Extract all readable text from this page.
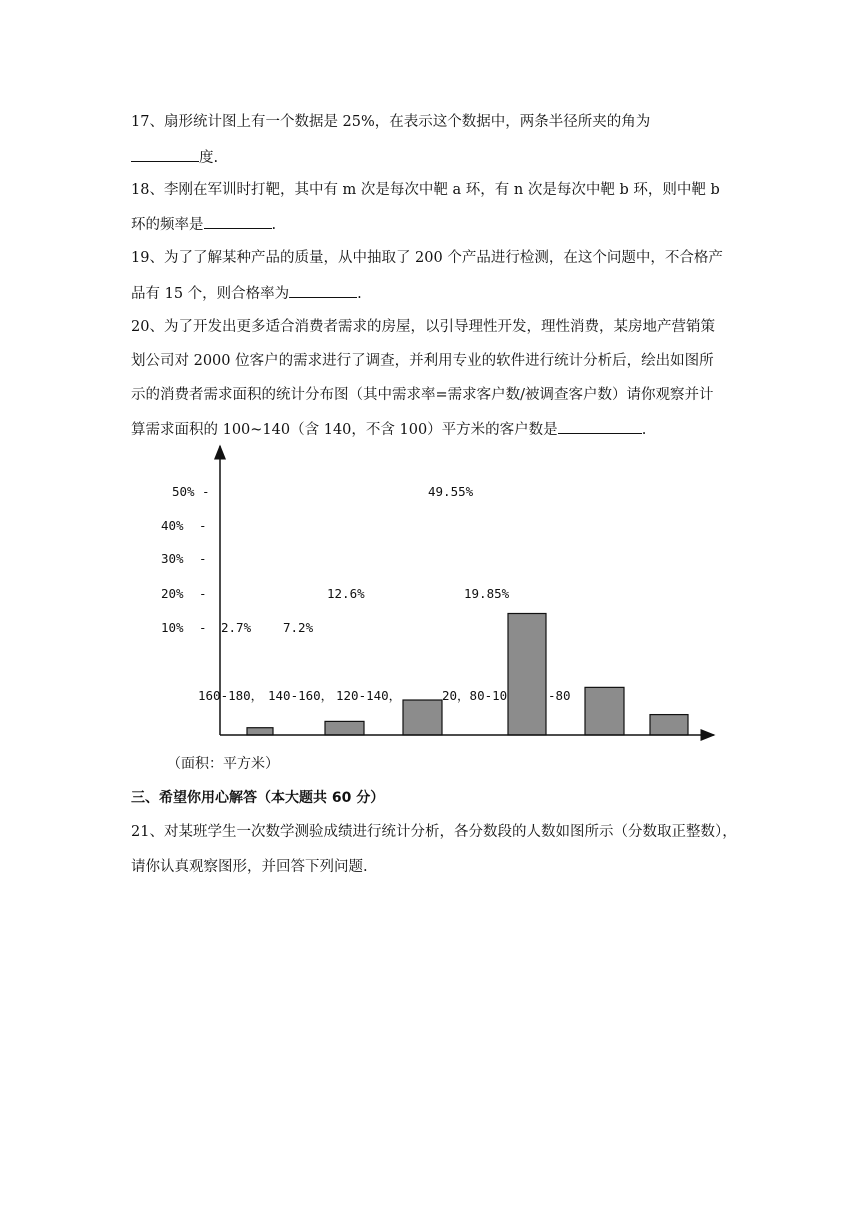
17、扇形统计图上有一个数据是 25%，在表示这个数据中，两条半径所夹的角为
度.
18、李刚在军训时打靶，其中有 m 次是每次中靶 a 环，有 n 次是每次中靶 b 环，则中靶 b
环的频率是	.
19、为了了解某种产品的质量，从中抽取了 200 个产品进行检测，在这个问题中，不合格产
品有 15 个，则合格率为	.
20、为了开发出更多适合消费者需求的房屋，以引导理性开发，理性消费，某房地产营销策
划公司对 2000 位客户的需求进行了调查，并利用专业的软件进行统计分析后，绘出如图所
示的消费者需求面积的统计分布图（其中需求率=需求客户数/被调查客户数）请你观察并计
算需求面积的 100~140（含 140，不含 100）平方米的客户数是	.
50% -
40% -
30% -
20% -
10% -
49.55%
12.6%	19.85%
2.7%	7.2%
160-180， 140-160， 120-140，	20，80-10	-80
（面积：平方米）
三、希望你用心解答（本大题共 60 分）
21、对某班学生一次数学测验成绩进行统计分析，各分数段的人数如图所示（分数取正整数），
请你认真观察图形，并回答下列问题.
